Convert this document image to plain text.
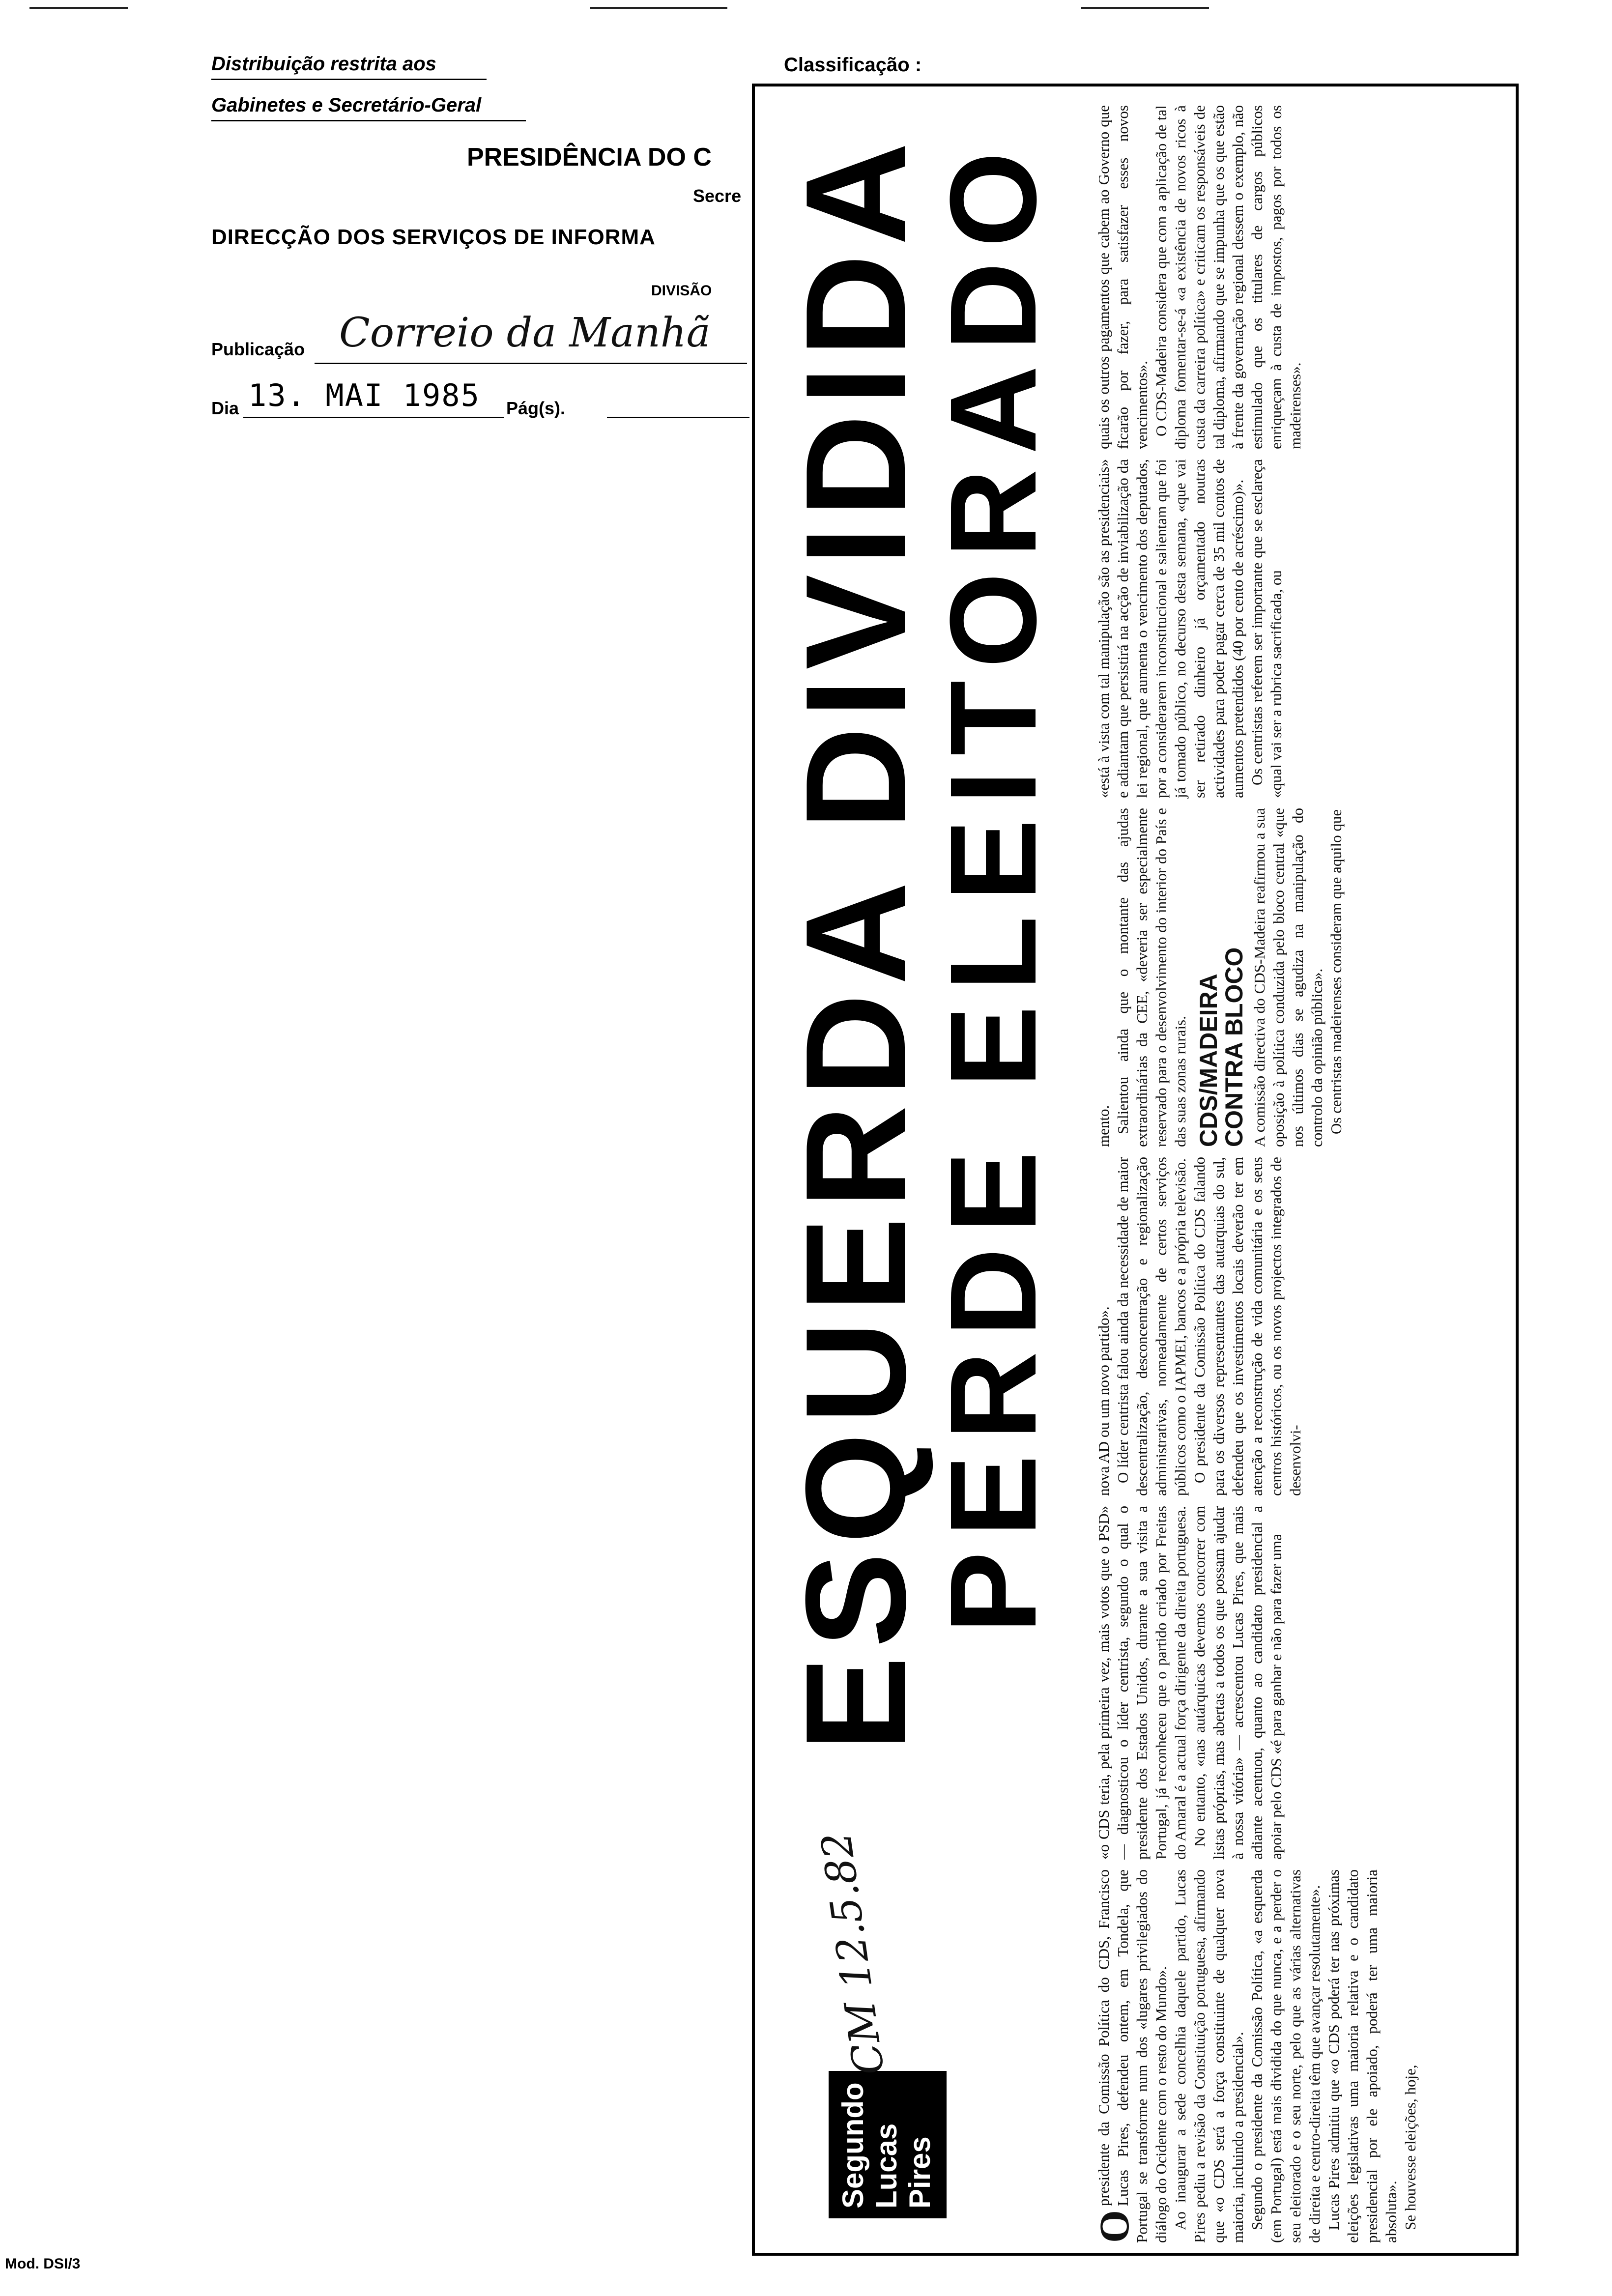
Distribuição restrita aos
Gabinetes e Secretário-Geral
Classificação :
PRESIDÊNCIA DO C
Secre
DIRECÇÃO DOS SERVIÇOS DE INFORMA
DIVISÃO
Publicação Correio da Manhã
Dia 13. MAI 1985 Pág(s). ESQUERDA DIVIDIDA
PERDE ELEITORADO
Segundo Lucas Pires
CM 12.5.82

O
presidente da Comissão Política do CDS, Francisco Lucas Pires, defendeu ontem, em Tondela, que Portugal se transforme num dos «lugares privilegiados do diálogo do Ocidente com o resto do Mundo». Ao inaugurar a sede concelhia daquele partido, Lucas Pires pediu a revisão da Constituição portuguesa, afirmando que «o CDS será a força constituinte de qualquer nova maioria, incluindo a presidencial». Segundo o presidente da Comissão Política, «a esquerda (em Portugal) está mais dividida do que nunca, e a perder o seu eleitorado e o seu norte, pelo que as várias alternativas de direita e centro-direita têm que avançar resolutamente». Lucas Pires admitiu que «o CDS poderá ter nas próximas eleições legislativas uma maioria relativa e o candidato presidencial por ele apoiado, poderá ter uma maioria absoluta». Se houvesse eleições, hoje,

«o CDS teria, pela primeira vez, mais votos que o PSD» — diagnosticou o líder centrista, segundo o qual o presidente dos Estados Unidos, durante a sua visita a Portugal, já reconheceu que o partido criado por Freitas do Amaral é a actual força dirigente da direita portuguesa. No entanto, «nas autárquicas devemos concorrer com listas próprias, mas abertas a todos os que possam ajudar à nossa vitória» — acrescentou Lucas Pires, que mais adiante acentuou, quanto ao candidato presidencial a apoiar pelo CDS «é para ganhar e não para fazer uma

nova AD ou um novo partido». O líder centrista falou ainda da necessidade de maior descentralização, desconcentração e regionalização administrativas, nomeadamente de certos serviços públicos como o IAPMEI, bancos e a própria televisão. O presidente da Comissão Política do CDS falando para os diversos representantes das autarquias do sul, defendeu que os investimentos locais deverão ter em atenção a reconstrução de vida comunitária e os seus centros históricos, ou os novos projectos integrados de desenvolvi-

mento. Salientou ainda que o montante das ajudas extraordinárias da CEE, «deveria ser especialmente reservado para o desenvolvimento do interior do País e das suas zonas rurais. CDS/MADEIRA
CONTRA BLOCO A comissão directiva do CDS-Madeira reafirmou a sua oposição à política conduzida pelo bloco central «que nos últimos dias se agudiza na manipulação do controlo da opinião pública». Os centristas madeirenses consideram que aquilo que

«está à vista com tal manipulação são as presidenciais» e adiantam que persistirá na acção de inviabilização da lei regional, que aumenta o vencimento dos deputados, por a considerarem inconstitucional e salientam que foi já tomado público, no decurso desta semana, «que vai ser retirado dinheiro já orçamentado noutras actividades para poder pagar cerca de 35 mil contos de aumentos pretendidos (40 por cento de acréscimo)». Os centristas referem ser importante que se esclareça «qual vai ser a rubrica sacrificada, ou

quais os outros pagamentos que cabem ao Governo que ficarão por fazer, para satisfazer esses novos vencimentos». O CDS-Madeira considera que com a aplicação de tal diploma fomentar-se-á «a existência de novos ricos à custa da carreira política» e criticam os responsáveis de tal diploma, afirmando que se impunha que os que estão à frente da governação regional dessem o exemplo, não estimulado que os titulares de cargos públicos enriqueçam à custa de impostos, pagos por todos os madeirenses».

Mod. DSI/3
